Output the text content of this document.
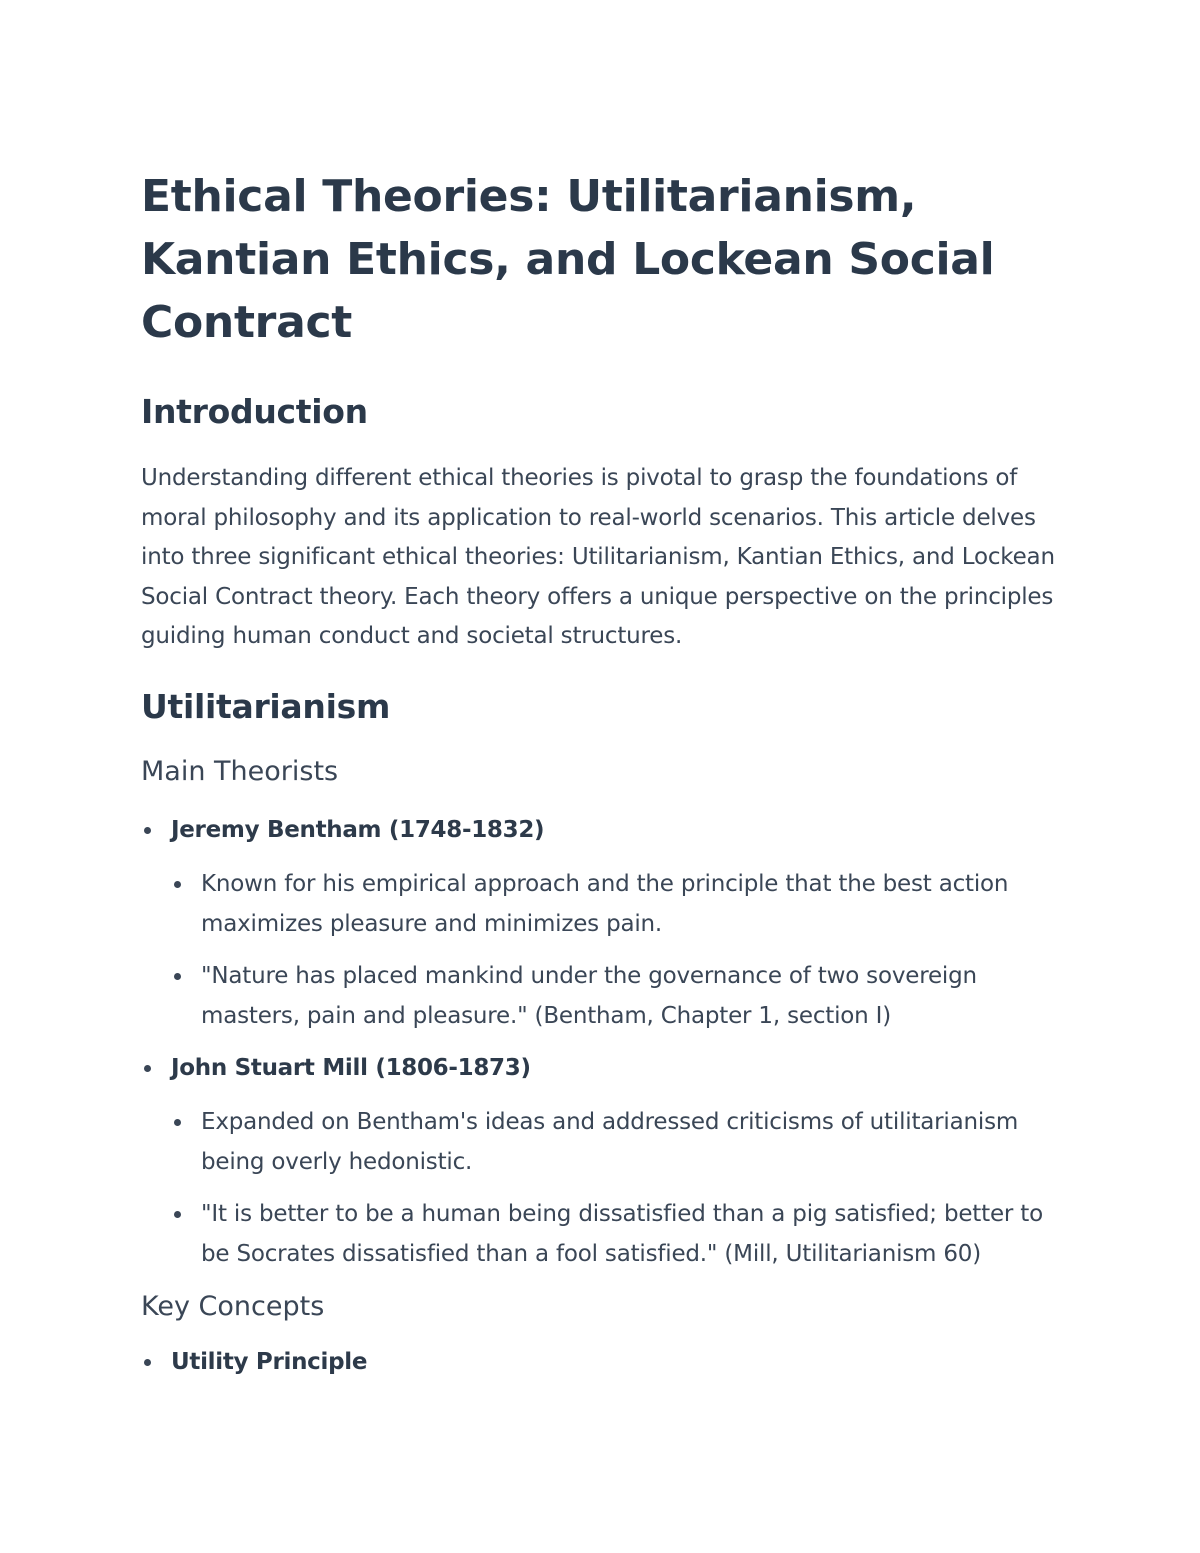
Ethical Theories: Utilitarianism, Kantian Ethics, and Lockean Social Contract
Introduction

Understanding different ethical theories is pivotal to grasp the foundations of moral philosophy and its application to real-world scenarios. This article delves into three significant ethical theories: Utilitarianism, Kantian Ethics, and Lockean Social Contract theory. Each theory offers a unique perspective on the principles guiding human conduct and societal structures.

Utilitarianism
Main Theorists
Jeremy Bentham (1748-1832)
Known for his empirical approach and the principle that the best action maximizes pleasure and minimizes pain.
"Nature has placed mankind under the governance of two sovereign masters, pain and pleasure." (Bentham, Chapter 1, section I)
John Stuart Mill (1806-1873)
Expanded on Bentham's ideas and addressed criticisms of utilitarianism being overly hedonistic.
"It is better to be a human being dissatisfied than a pig satisfied; better to be Socrates dissatisfied than a fool satisfied." (Mill, Utilitarianism 60)
Key Concepts
Utility Principle
